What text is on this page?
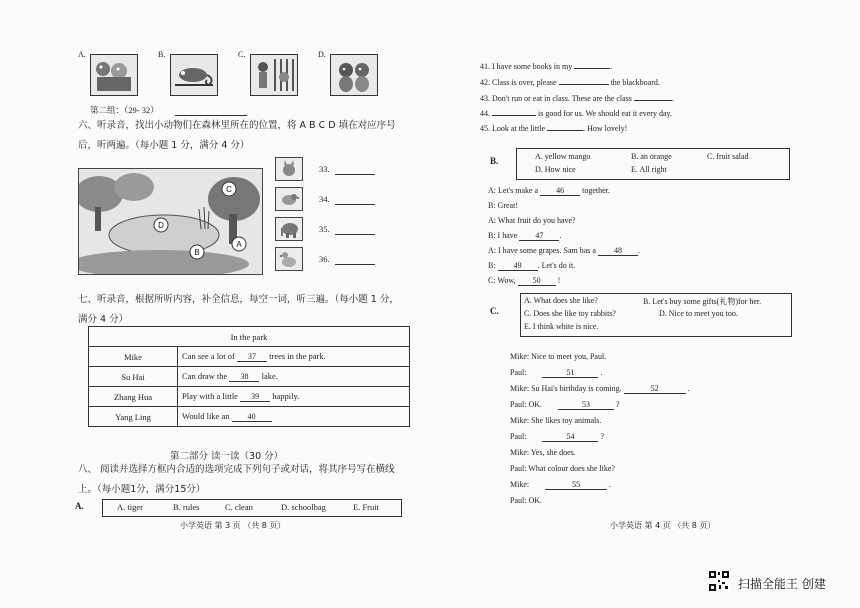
A.	B.	C.	D.
第二组：（29- 32）
六、听录音，找出小动物们在森林里所在的位置，将 A B C D 填在对应序号后，听两遍。（每小题 1 分，满分 4 分）
A
B
C
D
33.
34.
35.
36.
七、听录音，根据所听内容，补全信息，每空一词，听三遍。（每小题 1 分，满分 4 分）
In the park	
Mike	Can see a lot of 37 trees in the park.
Su Hai	Can draw the 38 lake.
Zhang Hua	Play with a little 39 happily.
Yang Ling	Would like an 40
第二部分 读一读（30 分）
八、 阅读并选择方框内合适的选项完成下列句子或对话，将其序号写在横线上。（每小题1分，满分15分）
A.	A. tiger	B. rules	C. clean	D. schoolbag	E. Fruit
小学英语 第 3 页 （共 8 页）
41. I have some books in my	.
42. Class is over, please	the blackboard.
43. Don't run or eat in class. These are the class	.
44.	is good for us. We should eat it every day.
45. Look at the little	. How lovely!
B.	A. yellow mango	B. an orange	C. fruit salad
D. How nice	E. All right
A: Let's make a 46 together.
B: Great!
A: What fruit do you have?
B: I have 47 .
A: I have some grapes. Sam has a 48 .
B: 49 . Let's do it.
C: Wow, 50 !
C.
A. What does she like?	B. Let's buy some gifts(礼物)for her.
C. Does she like toy rabbits?	D. Nice to meet you too.
E. I think white is nice.
Mike: Nice to meet you, Paul.
Paul:	51	.
Mike: Su Hai's birthday is coming.	52	.
Paul: OK.	53	?
Mike: She likes toy animals.
Paul:	54	?
Mike: Yes, she does.
Paul: What colour does she like?
Mike:	55	.
Paul: OK.
小学英语 第 4 页 （共 8 页）
扫描全能王 创建
